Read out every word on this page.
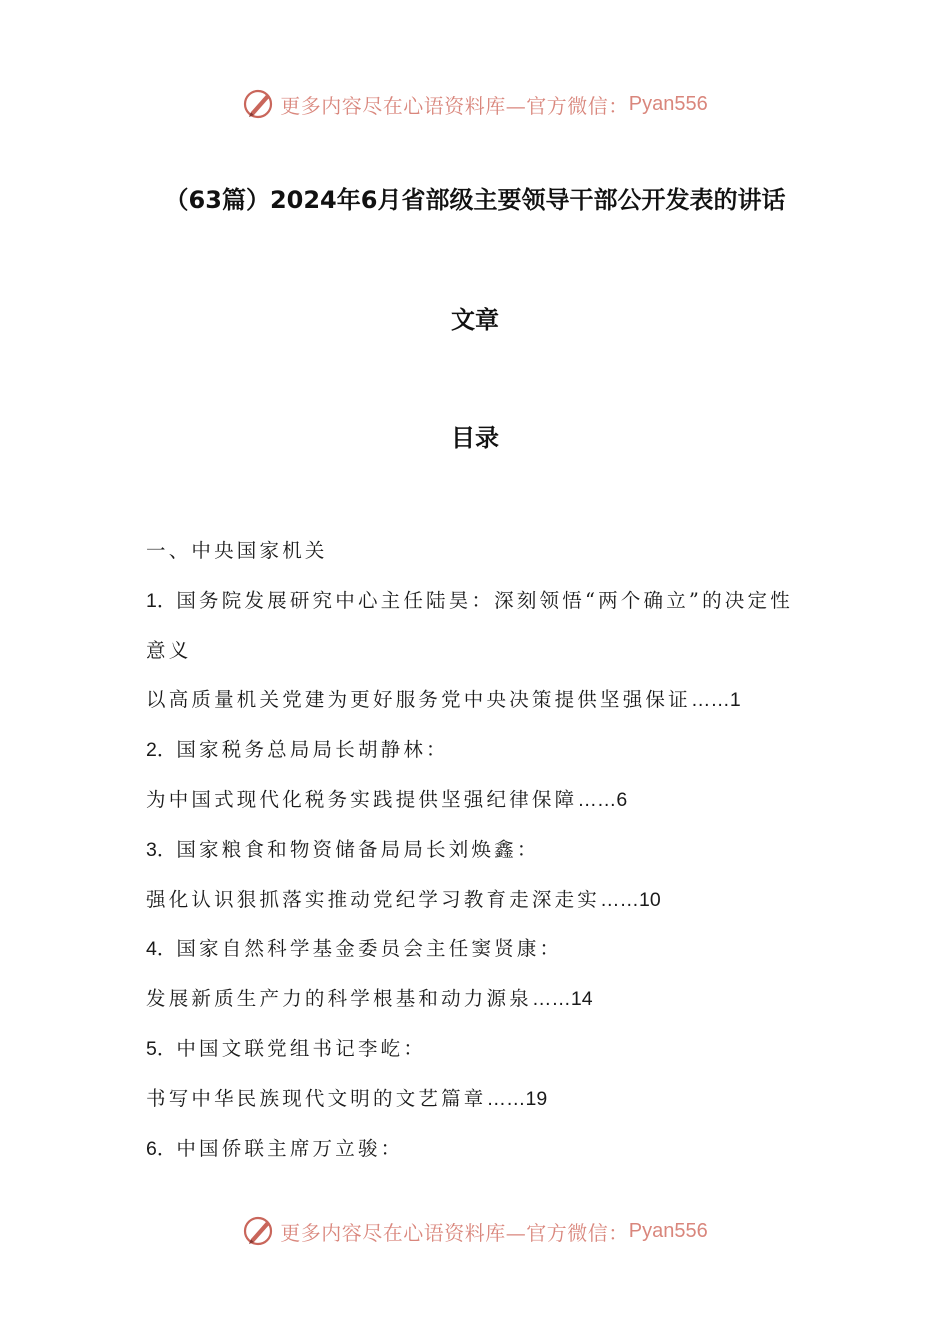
更多内容尽在心语资料库—官方微信： Pyan556
（63篇）2024年6月省部级主要领导干部公开发表的讲话
文章
目录
一、中央国家机关
1．国务院发展研究中心主任陆昊：深刻领悟“两个确立”的决定性
意义
以高质量机关党建为更好服务党中央决策提供坚强保证……1
2．国家税务总局局长胡静林：
为中国式现代化税务实践提供坚强纪律保障……6
3．国家粮食和物资储备局局长刘焕鑫：
强化认识狠抓落实推动党纪学习教育走深走实……10
4．国家自然科学基金委员会主任窦贤康：
发展新质生产力的科学根基和动力源泉……14
5．中国文联党组书记李屹：
书写中华民族现代文明的文艺篇章……19
6．中国侨联主席万立骏：
更多内容尽在心语资料库—官方微信： Pyan556
